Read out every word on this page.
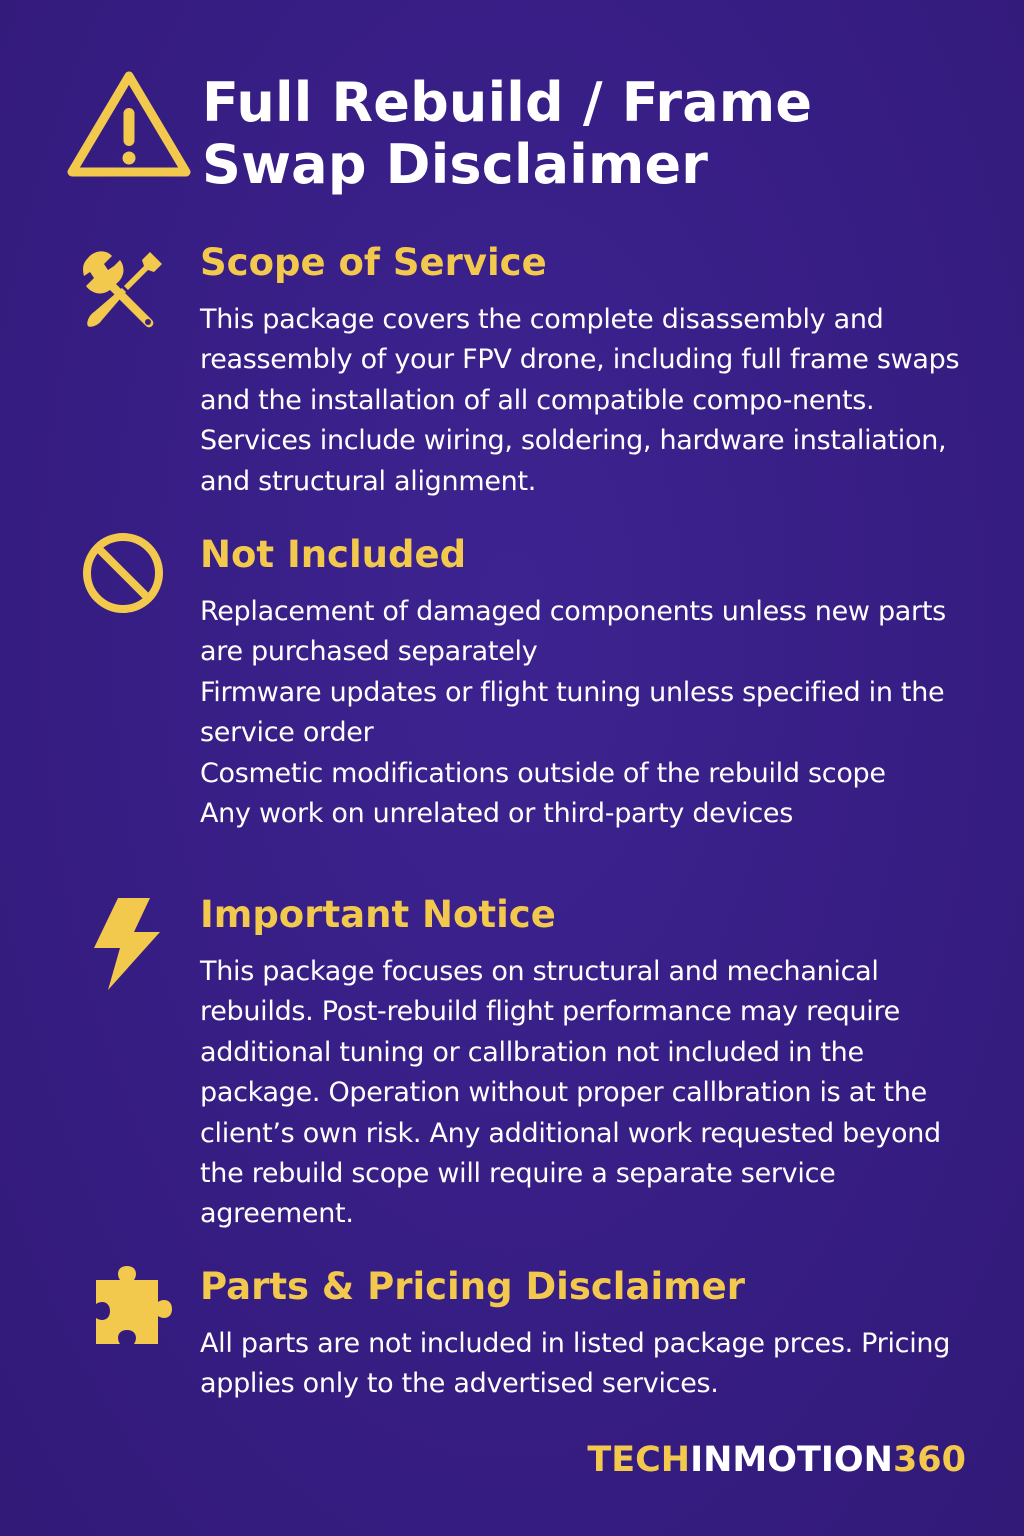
Full Rebuild / Frame Swap Disclaimer
Scope of Service

This package covers the complete disassembly and reassembly of your FPV drone, including full frame swaps and the installation of all compatible compo-nents. Services include wiring, soldering, hardware instaliation, and structural alignment.

Not Included

Replacement of damaged components unless new parts are purchased separately

Firmware updates or flight tuning unless specified in the service order

Cosmetic modifications outside of the rebuild scope

Any work on unrelated or third-party devices

Important Notice

This package focuses on structural and mechanical rebuilds. Post-rebuild flight performance may require additional tuning or callbration not included in the package. Operation without proper callbration is at the client’s own risk. Any additional work requested beyond the rebuild scope will require a separate service agreement.

Parts & Pricing Disclaimer

All parts are not included in listed package prces. Pricing applies only to the advertised services.

TECHINMOTION360
